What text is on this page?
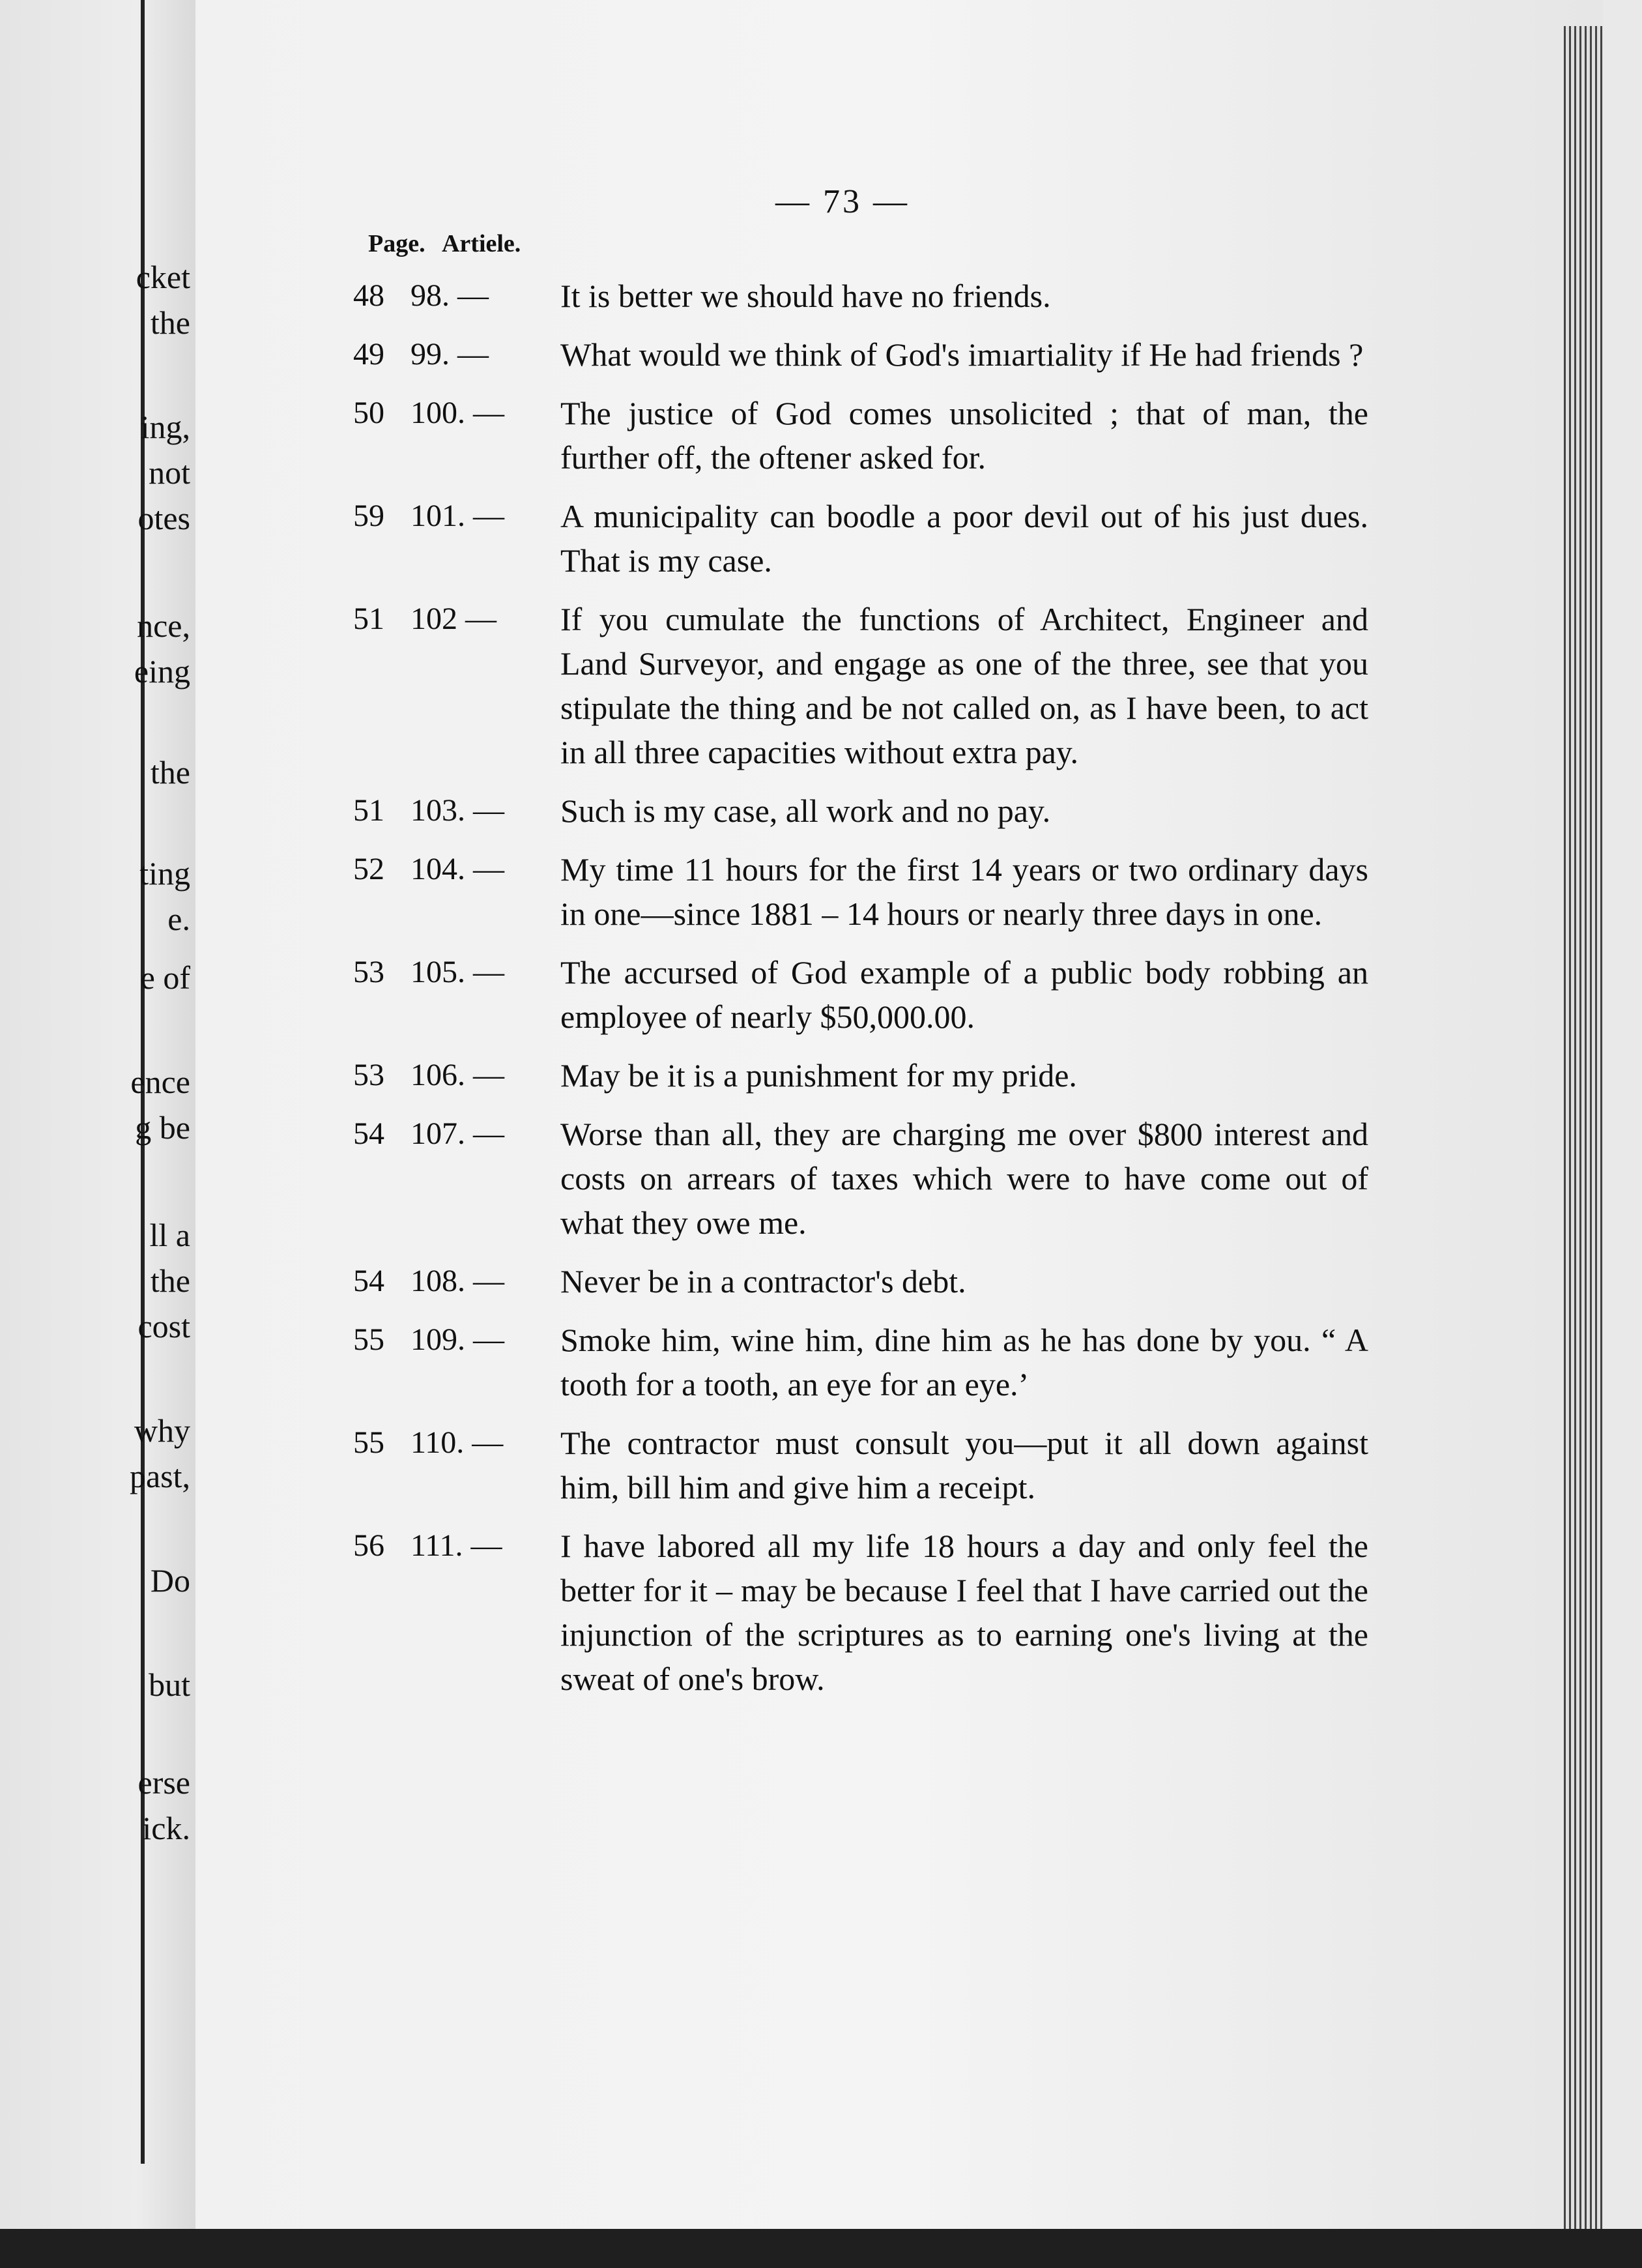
cket
the
ing,
not
otes
nce,
eing
the
ting
e.
e of
ence
g be
ll a
the
cost
why
past,
Do
but
erse
ick.
— 73 —
Page. Artiele.
48 98. — It is better we should have no friends.
49 99. — What would we think of God's imıartiality if He had friends ?
50 100. — The justice of God comes unsolicited ; that of man, the further off, the oftener asked for.
59 101. — A municipality can boodle a poor devil out of his just dues. That is my case.
51 102 — If you cumulate the functions of Architect, Engineer and Land Surveyor, and engage as one of the three, see that you stipulate the thing and be not called on, as I have been, to act in all three capacities without extra pay.
51 103. — Such is my case, all work and no pay.
52 104. — My time 11 hours for the first 14 years or two ordinary days in one—since 1881 – 14 hours or nearly three days in one.
53 105. — The accursed of God example of a public body robbing an employee of nearly $50,000.00.
53 106. — May be it is a punishment for my pride.
54 107. — Worse than all, they are charging me over $800 interest and costs on arrears of taxes which were to have come out of what they owe me.
54 108. — Never be in a contractor's debt.
55 109. — Smoke him, wine him, dine him as he has done by you. “ A tooth for a tooth, an eye for an eye.’
55 110. — The contractor must consult you—put it all down against him, bill him and give him a receipt.
56 111. — I have labored all my life 18 hours a day and only feel the better for it – may be because I feel that I have carried out the injunction of the scriptures as to earning one's living at the sweat of one's brow.
